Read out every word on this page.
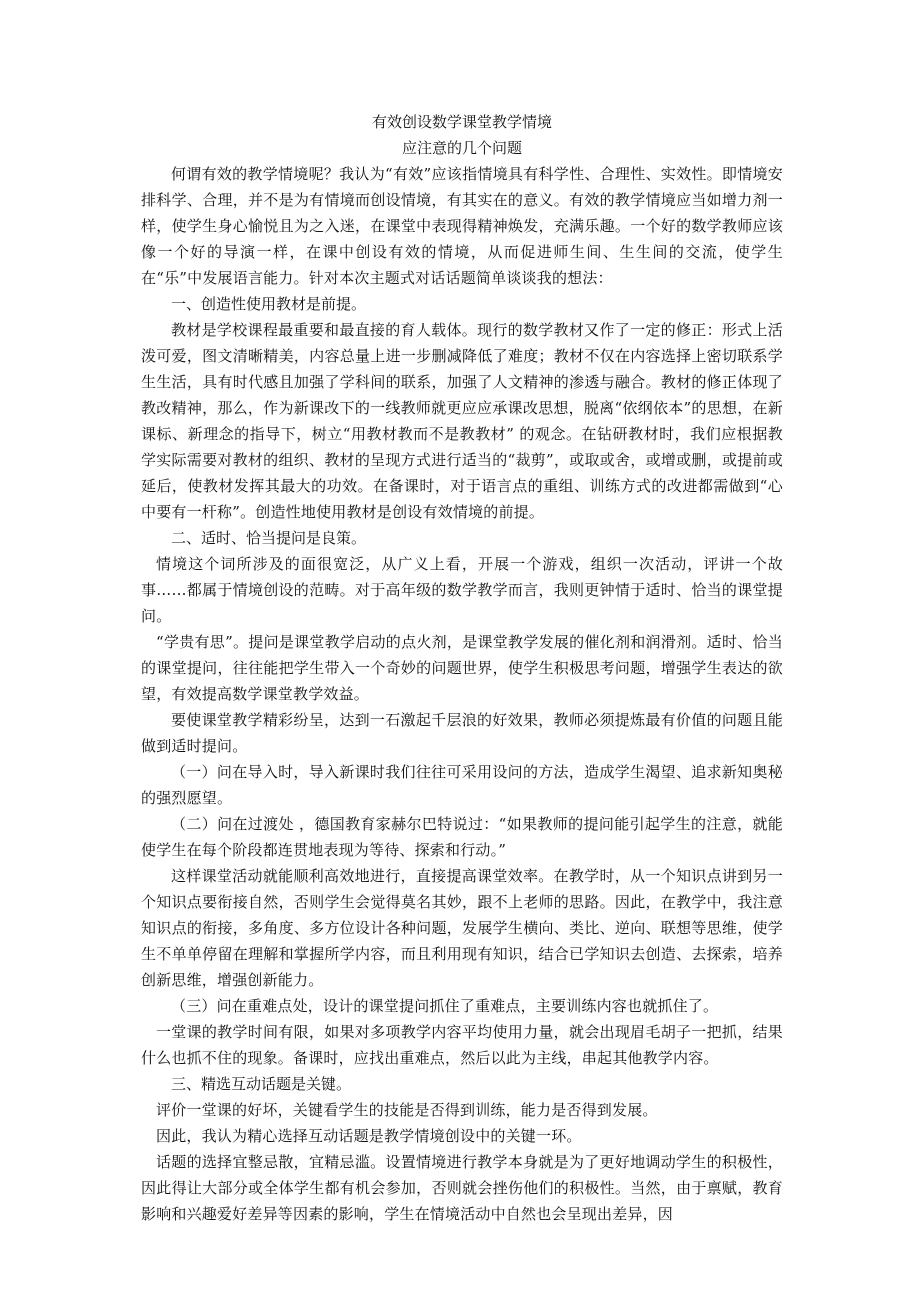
有效创设数学课堂教学情境

应注意的几个问题

何谓有效的教学情境呢？我认为“有效”应该指情境具有科学性、合理性、实效性。即情境安排科学、合理，并不是为有情境而创设情境，有其实在的意义。有效的教学情境应当如增力剂一样，使学生身心愉悦且为之入迷，在课堂中表现得精神焕发，充满乐趣。一个好的数学教师应该像一个好的导演一样，在课中创设有效的情境，从而促进师生间、生生间的交流，使学生在“乐”中发展语言能力。针对本次主题式对话话题简单谈谈我的想法：

一、创造性使用教材是前提。

教材是学校课程最重要和最直接的育人载体。现行的数学教材又作了一定的修正：形式上活泼可爱，图文清晰精美，内容总量上进一步删减降低了难度；教材不仅在内容选择上密切联系学生生活，具有时代感且加强了学科间的联系，加强了人文精神的渗透与融合。教材的修正体现了教改精神，那么，作为新课改下的一线教师就更应应承课改思想，脱离“依纲依本”的思想，在新课标、新理念的指导下，树立“用教材教而不是教教材” 的观念。在钻研教材时，我们应根据教学实际需要对教材的组织、教材的呈现方式进行适当的“裁剪”，或取或舍，或增或删，或提前或延后，使教材发挥其最大的功效。在备课时，对于语言点的重组、训练方式的改进都需做到“心中要有一杆称”。创造性地使用教材是创设有效情境的前提。

二、适时、恰当提问是良策。

情境这个词所涉及的面很宽泛，从广义上看，开展一个游戏，组织一次活动，评讲一个故事……都属于情境创设的范畴。对于高年级的数学教学而言，我则更钟情于适时、恰当的课堂提问。

“学贵有思”。提问是课堂教学启动的点火剂，是课堂教学发展的催化剂和润滑剂。适时、恰当的课堂提问，往往能把学生带入一个奇妙的问题世界，使学生积极思考问题，增强学生表达的欲望，有效提高数学课堂教学效益。

要使课堂教学精彩纷呈，达到一石激起千层浪的好效果，教师必须提炼最有价值的问题且能做到适时提问。

（一）问在导入时，导入新课时我们往往可采用设问的方法，造成学生渴望、追求新知奥秘的强烈愿望。

（二）问在过渡处 ，德国教育家赫尔巴特说过：“如果教师的提问能引起学生的注意，就能使学生在每个阶段都连贯地表现为等待、探索和行动。”

这样课堂活动就能顺利高效地进行，直接提高课堂效率。在教学时，从一个知识点讲到另一个知识点要衔接自然，否则学生会觉得莫名其妙，跟不上老师的思路。因此，在教学中，我注意知识点的衔接，多角度、多方位设计各种问题，发展学生横向、类比、逆向、联想等思维，使学生不单单停留在理解和掌握所学内容，而且利用现有知识，结合已学知识去创造、去探索，培养创新思维，增强创新能力。

（三）问在重难点处，设计的课堂提问抓住了重难点，主要训练内容也就抓住了。

一堂课的教学时间有限，如果对多项教学内容平均使用力量，就会出现眉毛胡子一把抓，结果什么也抓不住的现象。备课时，应找出重难点，然后以此为主线，串起其他教学内容。

三、精选互动话题是关键。

评价一堂课的好坏，关键看学生的技能是否得到训练，能力是否得到发展。

因此，我认为精心选择互动话题是教学情境创设中的关键一环。

话题的选择宜整忌散，宜精忌滥。设置情境进行教学本身就是为了更好地调动学生的积极性，因此得让大部分或全体学生都有机会参加，否则就会挫伤他们的积极性。当然，由于禀赋，教育影响和兴趣爱好差异等因素的影响，学生在情境活动中自然也会呈现出差异，因
